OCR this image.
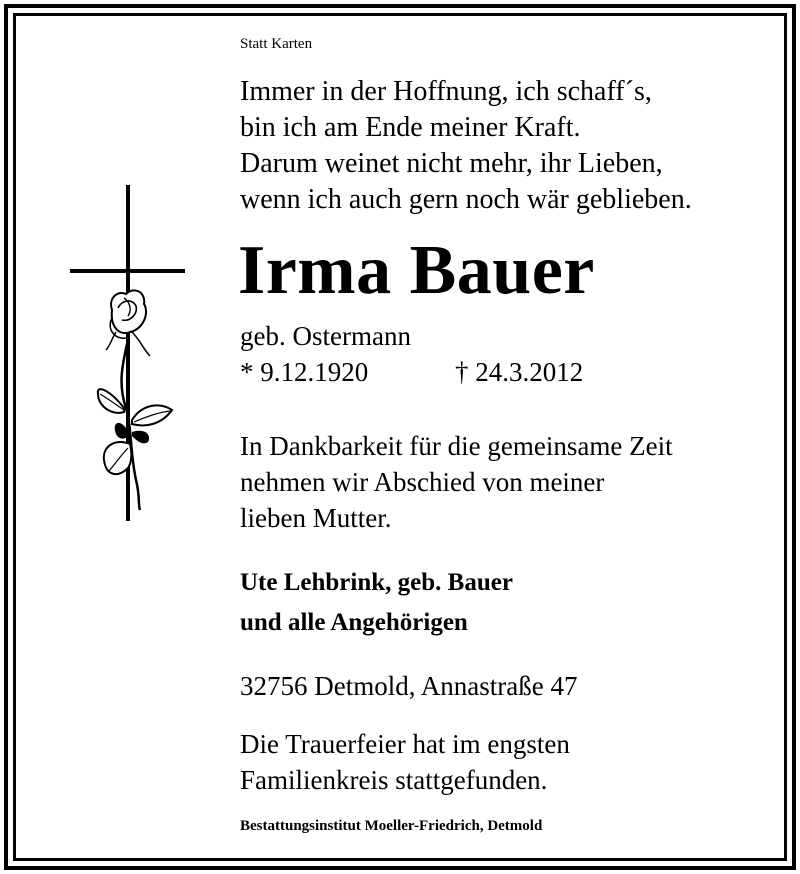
Statt Karten

Immer in der Hoffnung, ich schaff´s,
bin ich am Ende meiner Kraft.
Darum weinet nicht mehr, ihr Lieben,
wenn ich auch gern noch wär geblieben.

Irma Bauer

geb. Ostermann

* 9.12.1920	† 24.3.2012

In Dankbarkeit für die gemeinsame Zeit
nehmen wir Abschied von meiner
lieben Mutter.
Ute Lehbrink, geb. Bauer
und alle Angehörigen

32756 Detmold, Annastraße 47

Die Trauerfeier hat im engsten
Familienkreis stattgefunden.

Bestattungsinstitut Moeller-Friedrich, Detmold
